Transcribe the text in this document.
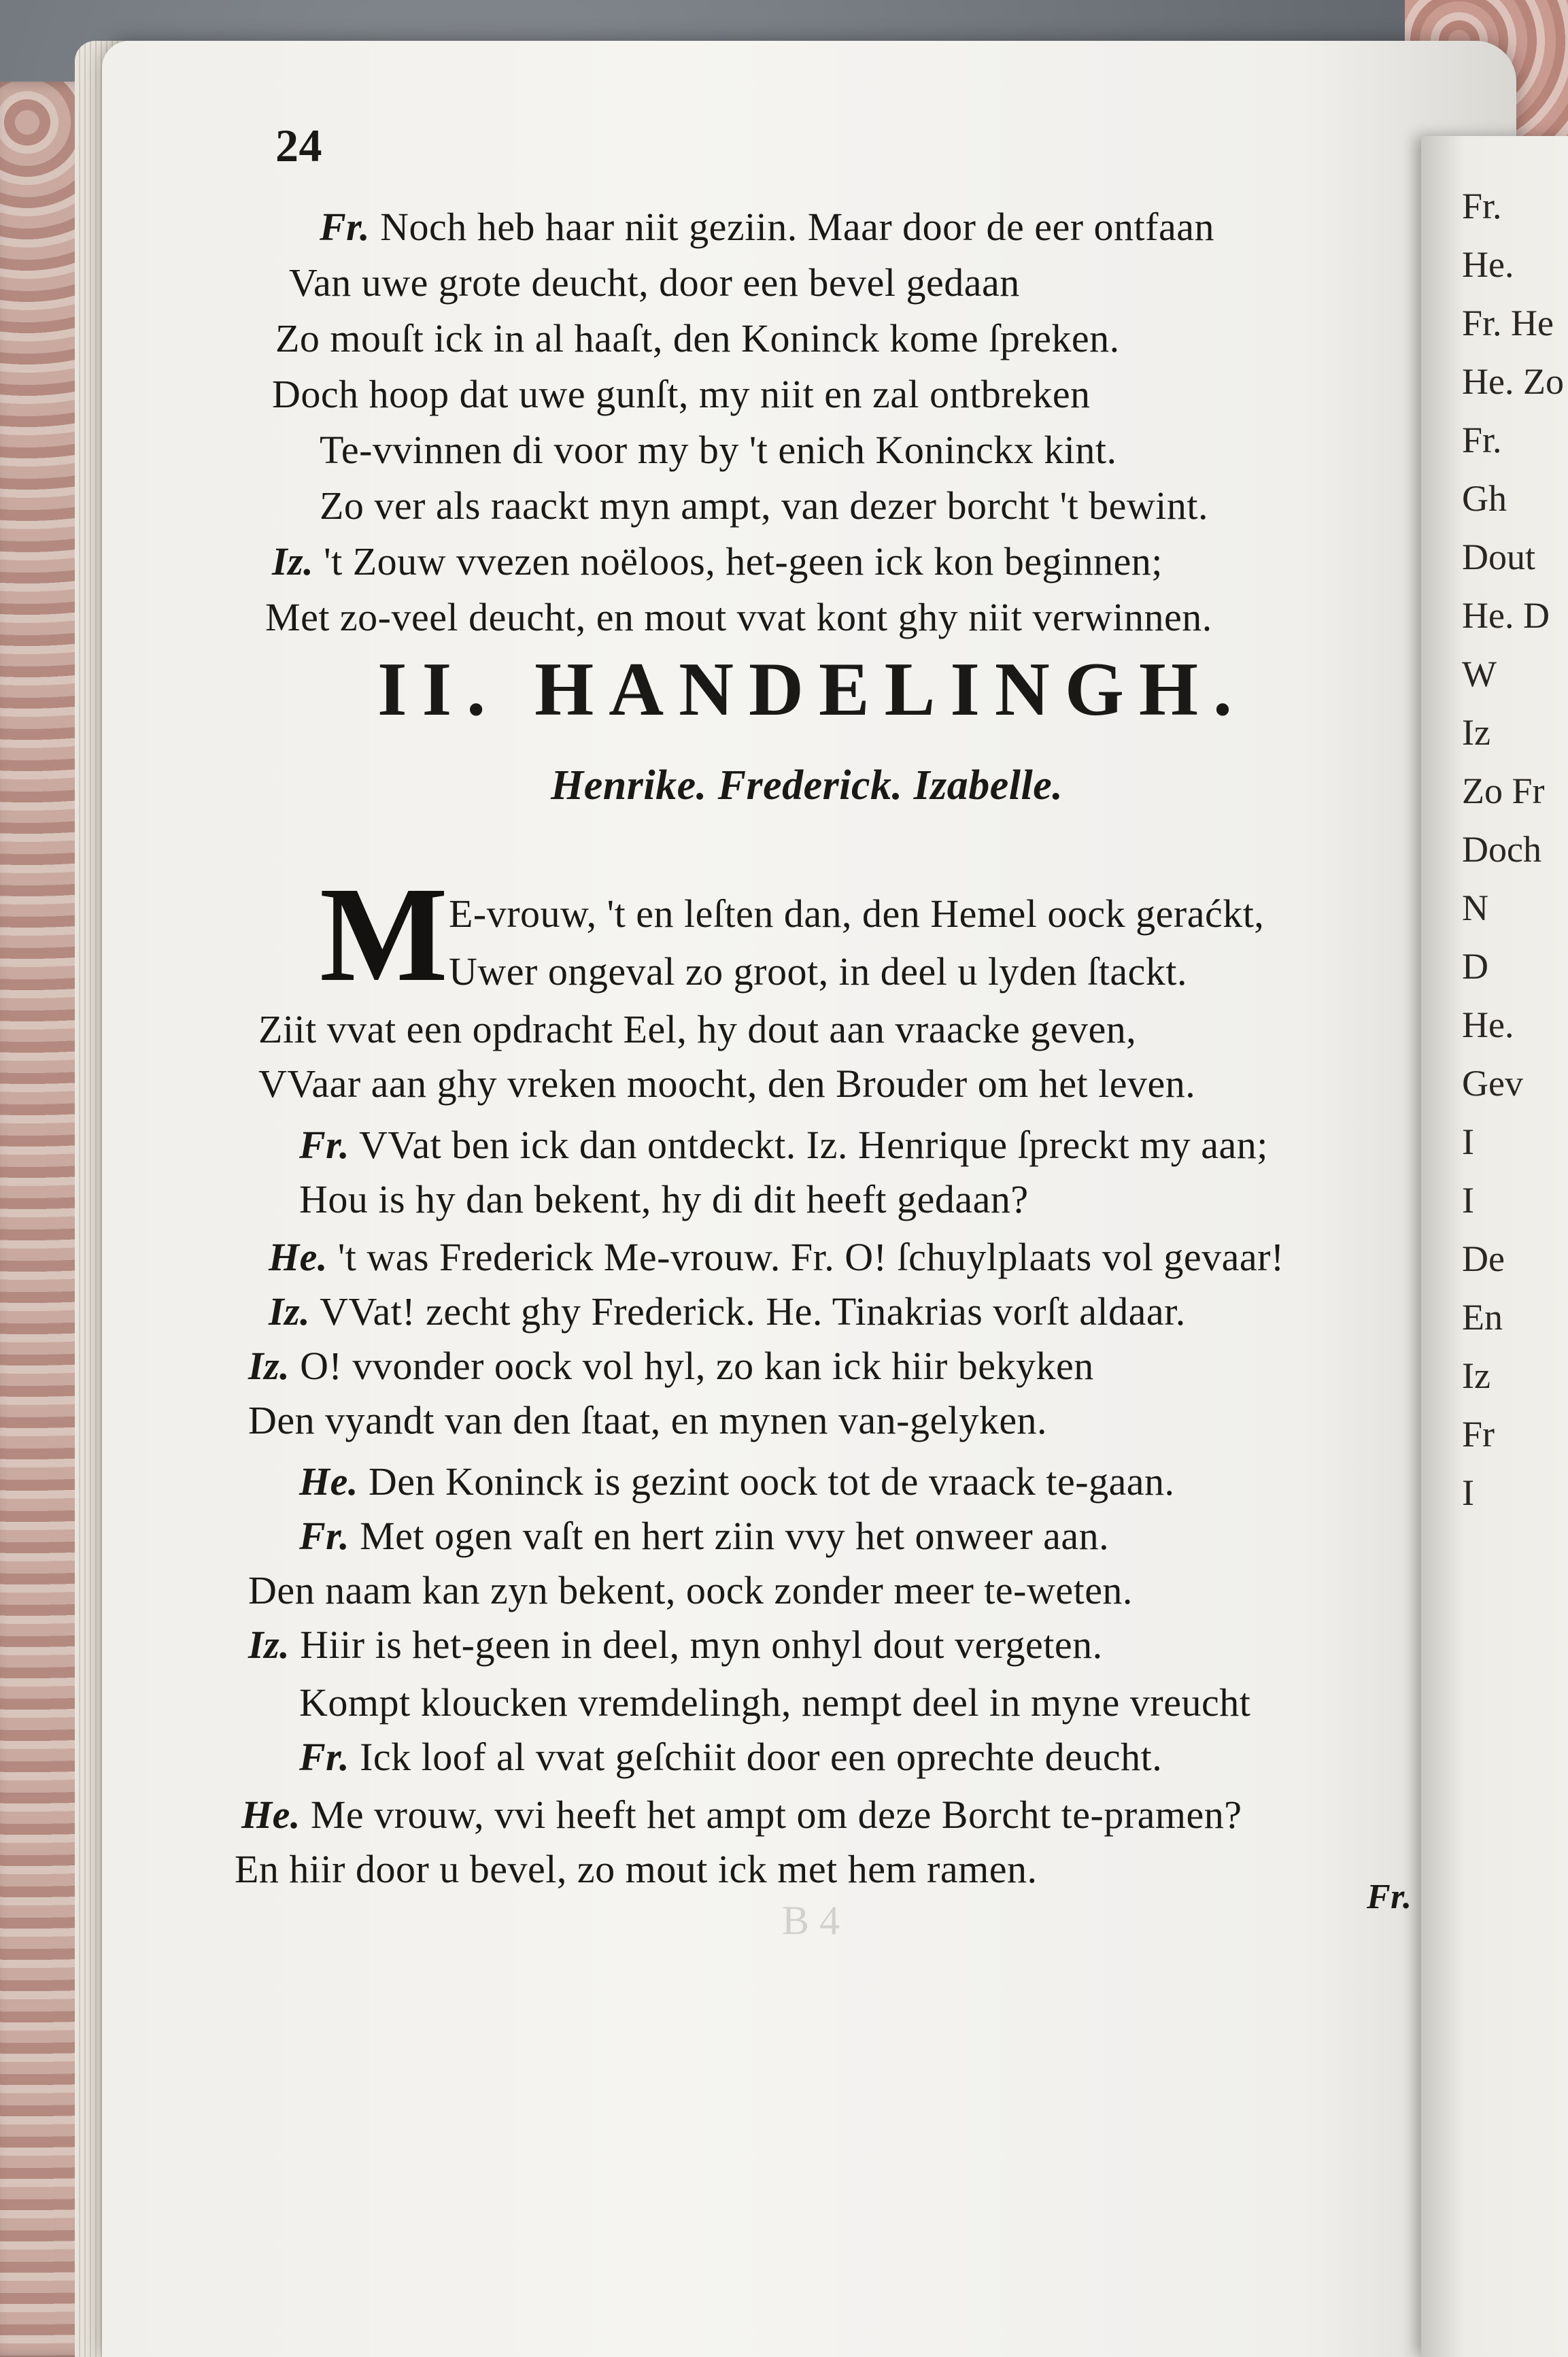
Fr.
He.
Fr. He
He. Zo
Fr.
Gh
Dout
He. D
W
Iz
Zo Fr
Doch
N
D
He.
Gev
I
I
De
En
Iz
Fr
I
24
Fr. Noch heb haar niit geziin. Maar door de eer ontfaan
Van uwe grote deucht, door een bevel gedaan
Zo mouſt ick in al haaſt, den Koninck kome ſpreken.
Doch hoop dat uwe gunſt, my niit en zal ontbreken
Te-vvinnen di voor my by 't enich Koninckx kint.
Zo ver als raackt myn ampt, van dezer borcht 't bewint.
Iz. 't Zouw vvezen noëloos, het-geen ick kon beginnen;
Met zo-veel deucht, en mout vvat kont ghy niit verwinnen.
II. HANDELINGH.
Henrike. Frederick. Izabelle.
M E-vrouw, 't en leſten dan, den Hemel oock geraćkt,
Uwer ongeval zo groot, in deel u lyden ſtackt.
Ziit vvat een opdracht Eel, hy dout aan vraacke geven,
VVaar aan ghy vreken moocht, den Brouder om het leven.
Fr. VVat ben ick dan ontdeckt. Iz. Henrique ſpreckt my aan;
Hou is hy dan bekent, hy di dit heeft gedaan?
He. 't was Frederick Me-vrouw. Fr. O! ſchuylplaats vol gevaar!
Iz. VVat! zecht ghy Frederick. He. Tinakrias vorſt aldaar.
Iz. O! vvonder oock vol hyl, zo kan ick hiir bekyken
Den vyandt van den ſtaat, en mynen van-gelyken.
He. Den Koninck is gezint oock tot de vraack te-gaan.
Fr. Met ogen vaſt en hert ziin vvy het onweer aan.
Den naam kan zyn bekent, oock zonder meer te-weten.
Iz. Hiir is het-geen in deel, myn onhyl dout vergeten.
Kompt kloucken vremdelingh, nempt deel in myne vreucht
Fr. Ick loof al vvat geſchiit door een oprechte deucht.
He. Me vrouw, vvi heeft het ampt om deze Borcht te-pramen?
En hiir door u bevel, zo mout ick met hem ramen.
B 4
Fr.
